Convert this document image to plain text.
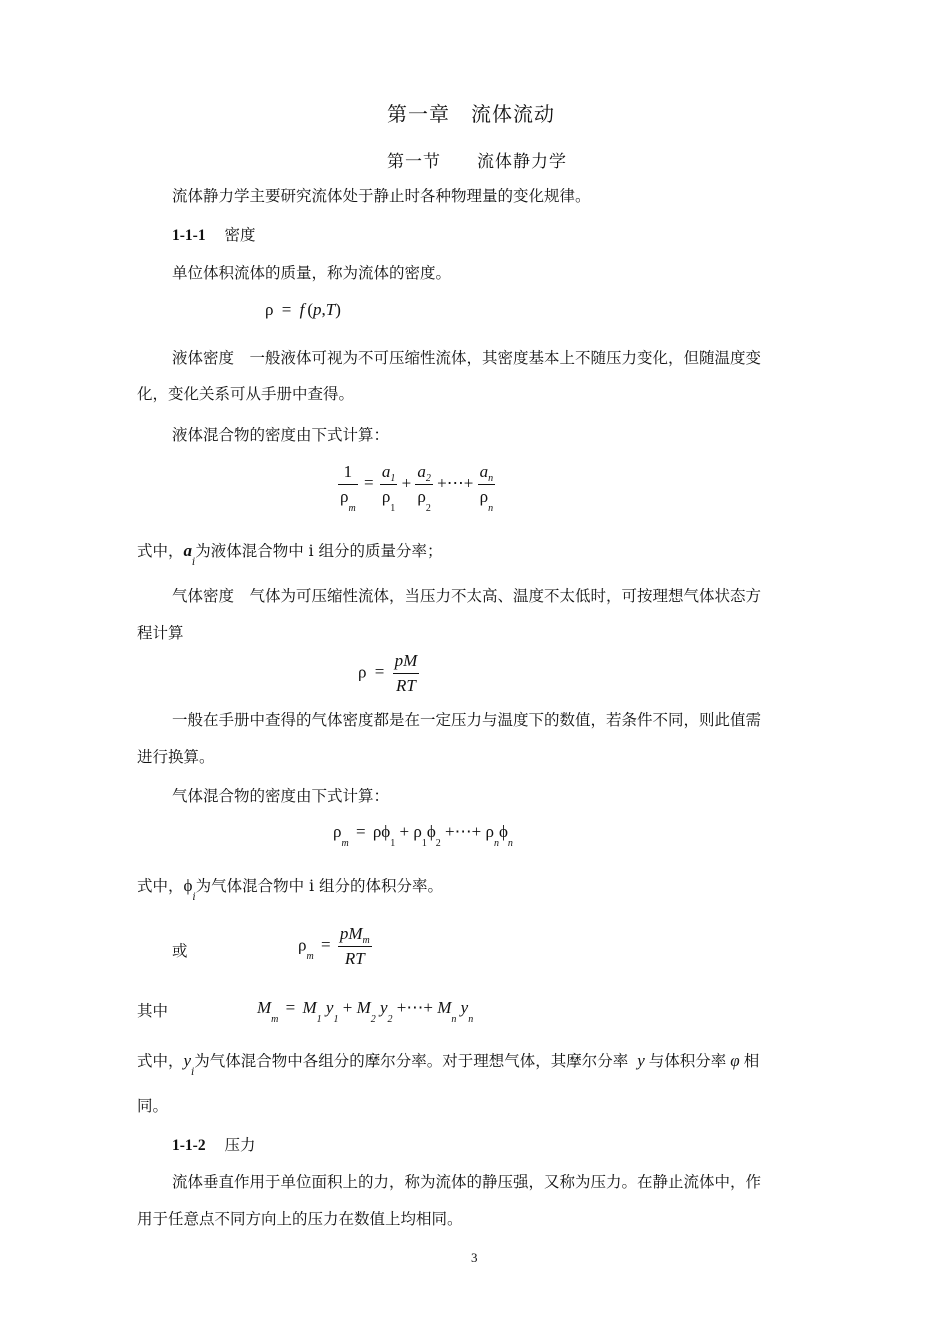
第一章　流体流动
第一节　　流体静力学
流体静力学主要研究流体处于静止时各种物理量的变化规律。
1-1-1 密度
单位体积流体的质量，称为流体的密度。
ρ = f (p,T)
液体密度　一般液体可视为不可压缩性流体，其密度基本上不随压力变化，但随温度变
化，变化关系可从手册中查得。
液体混合物的密度由下式计算：
$\frac{1}{\rho_m} = \frac{a_1}{\rho_1} + \frac{a_2}{\rho_2}$ +⋯+ $\frac{a_n}{\rho_n}$
式中，$a_i$为液体混合物中 i 组分的质量分率；
气体密度　气体为可压缩性流体，当压力不太高、温度不太低时，可按理想气体状态方
程计算
$\rho = \frac{pM}{RT}$
一般在手册中查得的气体密度都是在一定压力与温度下的数值，若条件不同，则此值需
进行换算。
气体混合物的密度由下式计算：
$\rho_m = \rho\phi_1 + \rho_1\phi_2$ +⋯+ $\rho_n\phi_n$
式中，$\phi_i$为气体混合物中 i 组分的体积分率。
或	$\rho_m = \frac{pM_m}{RT}$
其中	$M_m = M_1$ $y_1 + M_2$ $y_2$ +⋯+ $M_n$ $y_n$
式中，$y_i$为气体混合物中各组分的摩尔分率。对于理想气体，其摩尔分率 y 与体积分率 φ 相
同。
1-1-2 压力
流体垂直作用于单位面积上的力，称为流体的静压强，又称为压力。在静止流体中，作
用于任意点不同方向上的压力在数值上均相同。
3
